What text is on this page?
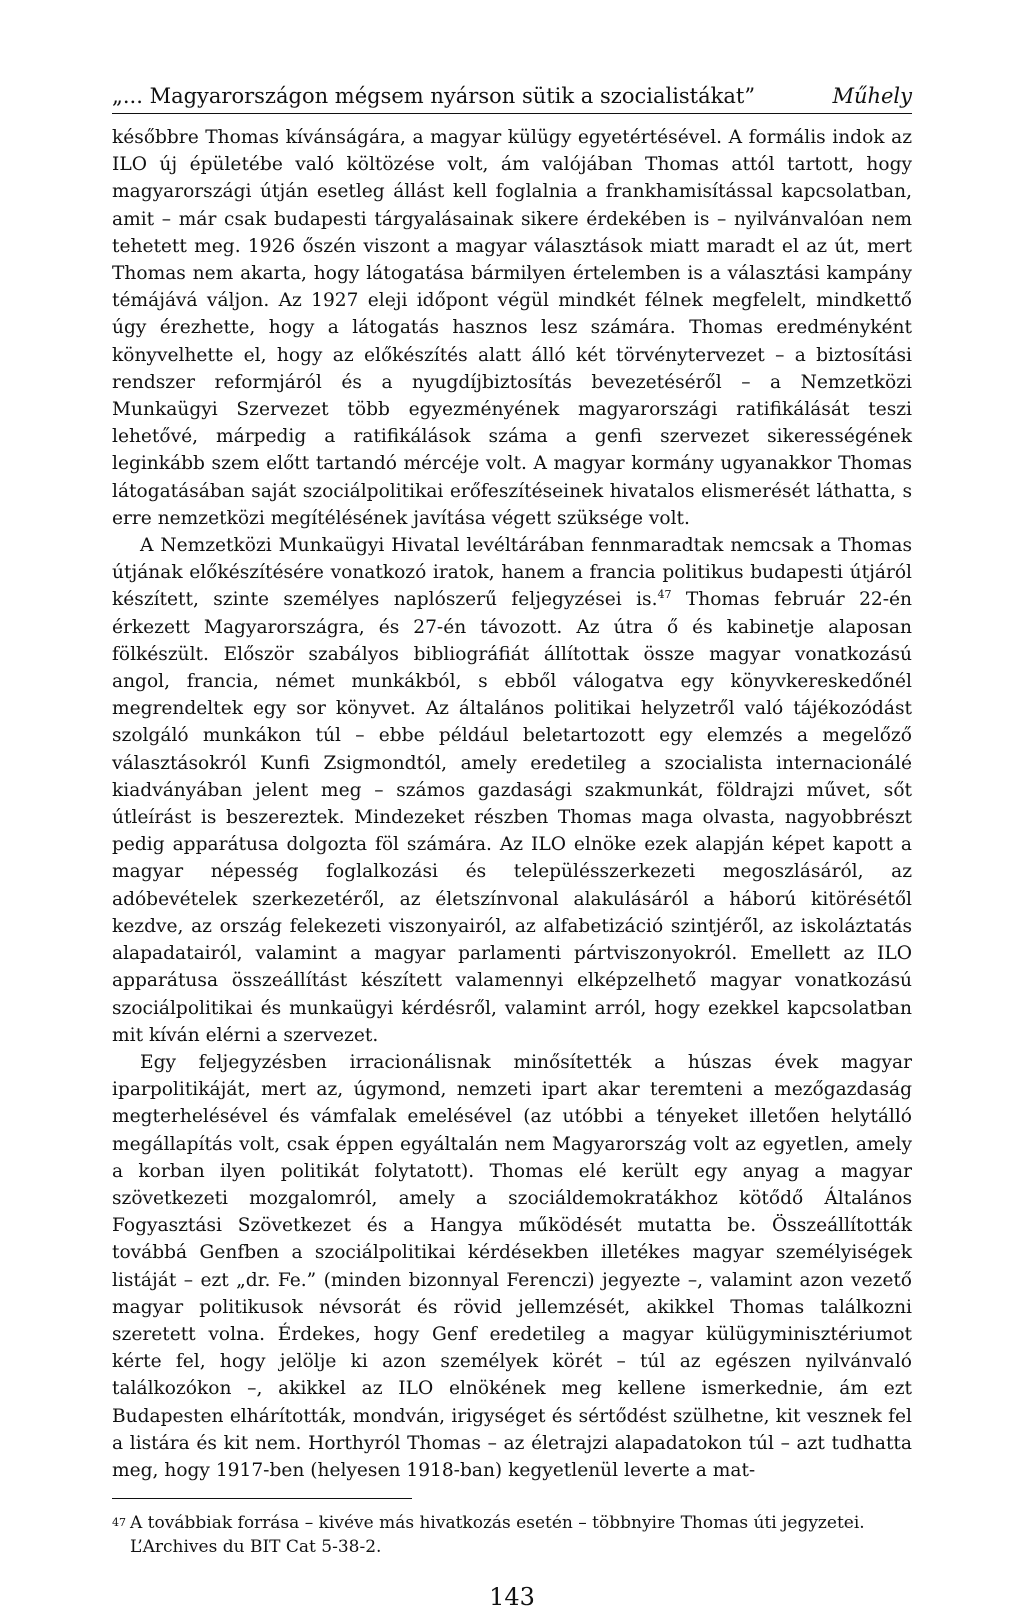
„... Magyarországon mégsem nyárson sütik a szocialistákat”	Műhely

későbbre Thomas kívánságára, a magyar külügy egyetértésével. A formális indok az ILO új épületébe való költözése volt, ám valójában Thomas attól tartott, hogy magyarországi útján esetleg állást kell foglalnia a frankhamisítással kapcsolatban, amit – már csak budapesti tárgyalásainak sikere érdekében is – nyilvánvalóan nem tehetett meg. 1926 őszén viszont a magyar választások miatt maradt el az út, mert Thomas nem akarta, hogy látogatása bármilyen értelemben is a választási kampány témájává váljon. Az 1927 eleji időpont végül mindkét félnek megfelelt, mindkettő úgy érezhette, hogy a látogatás hasznos lesz számára. Thomas eredményként könyvelhette el, hogy az előkészítés alatt álló két törvénytervezet – a biztosítási rendszer reformjáról és a nyugdíjbiztosítás bevezetéséről – a Nemzetközi Munkaügyi Szervezet több egyezményének magyarországi ratifikálását teszi lehetővé, márpedig a ratifikálások száma a genfi szervezet sikerességének leginkább szem előtt tartandó mércéje volt. A magyar kormány ugyanakkor Thomas látogatásában saját szociálpolitikai erőfeszítéseinek hivatalos elismerését láthatta, s erre nemzetközi megítélésének javítása végett szüksége volt.

A Nemzetközi Munkaügyi Hivatal levéltárában fennmaradtak nemcsak a Thomas útjának előkészítésére vonatkozó iratok, hanem a francia politikus budapesti útjáról készített, szinte személyes naplószerű feljegyzései is.$^{47}$ Thomas február 22-én érkezett Magyarországra, és 27-én távozott. Az útra ő és kabinetje alaposan fölkészült. Először szabályos bibliográfiát állítottak össze magyar vonatkozású angol, francia, német munkákból, s ebből válogatva egy könyvkereskedőnél megrendeltek egy sor könyvet. Az általános politikai helyzetről való tájékozódást szolgáló munkákon túl – ebbe például beletartozott egy elemzés a megelőző választásokról Kunfi Zsigmondtól, amely eredetileg a szocialista internacionálé kiadványában jelent meg – számos gazdasági szakmunkát, földrajzi művet, sőt útleírást is beszereztek. Mindezeket részben Thomas maga olvasta, nagyobbrészt pedig apparátusa dolgozta föl számára. Az ILO elnöke ezek alapján képet kapott a magyar népesség foglalkozási és településszerkezeti megoszlásáról, az adóbevételek szerkezetéről, az életszínvonal alakulásáról a háború kitörésétől kezdve, az ország felekezeti viszonyairól, az alfabetizáció szintjéről, az iskoláztatás alapadatairól, valamint a magyar parlamenti pártviszonyokról. Emellett az ILO apparátusa összeállítást készített valamennyi elképzelhető magyar vonatkozású szociálpolitikai és munkaügyi kérdésről, valamint arról, hogy ezekkel kapcsolatban mit kíván elérni a szervezet.

Egy feljegyzésben irracionálisnak minősítették a húszas évek magyar iparpolitikáját, mert az, úgymond, nemzeti ipart akar teremteni a mezőgazdaság megterhelésével és vámfalak emelésével (az utóbbi a tényeket illetően helytálló megállapítás volt, csak éppen egyáltalán nem Magyarország volt az egyetlen, amely a korban ilyen politikát folytatott). Thomas elé került egy anyag a magyar szövetkezeti mozgalomról, amely a szociáldemokratákhoz kötődő Általános Fogyasztási Szövetkezet és a Hangya működését mutatta be. Összeállították továbbá Genfben a szociálpolitikai kérdésekben illetékes magyar személyiségek listáját – ezt „dr. Fe.” (minden bizonnyal Ferenczi) jegyezte –, valamint azon vezető magyar politikusok névsorát és rövid jellemzését, akikkel Thomas találkozni szeretett volna. Érdekes, hogy Genf eredetileg a magyar külügyminisztériumot kérte fel, hogy jelölje ki azon személyek körét – túl az egészen nyilvánvaló találkozókon –, akikkel az ILO elnökének meg kellene ismerkednie, ám ezt Budapesten elhárították, mondván, irigységet és sértődést szülhetne, kit vesznek fel a listára és kit nem. Horthyról Thomas – az életrajzi alapadatokon túl – azt tudhatta meg, hogy 1917-ben (helyesen 1918-ban) kegyetlenül leverte a mat-

47 A továbbiak forrása – kivéve más hivatkozás esetén – többnyire Thomas úti jegyzetei. L’Archives du BIT Cat 5-38-2.
143
